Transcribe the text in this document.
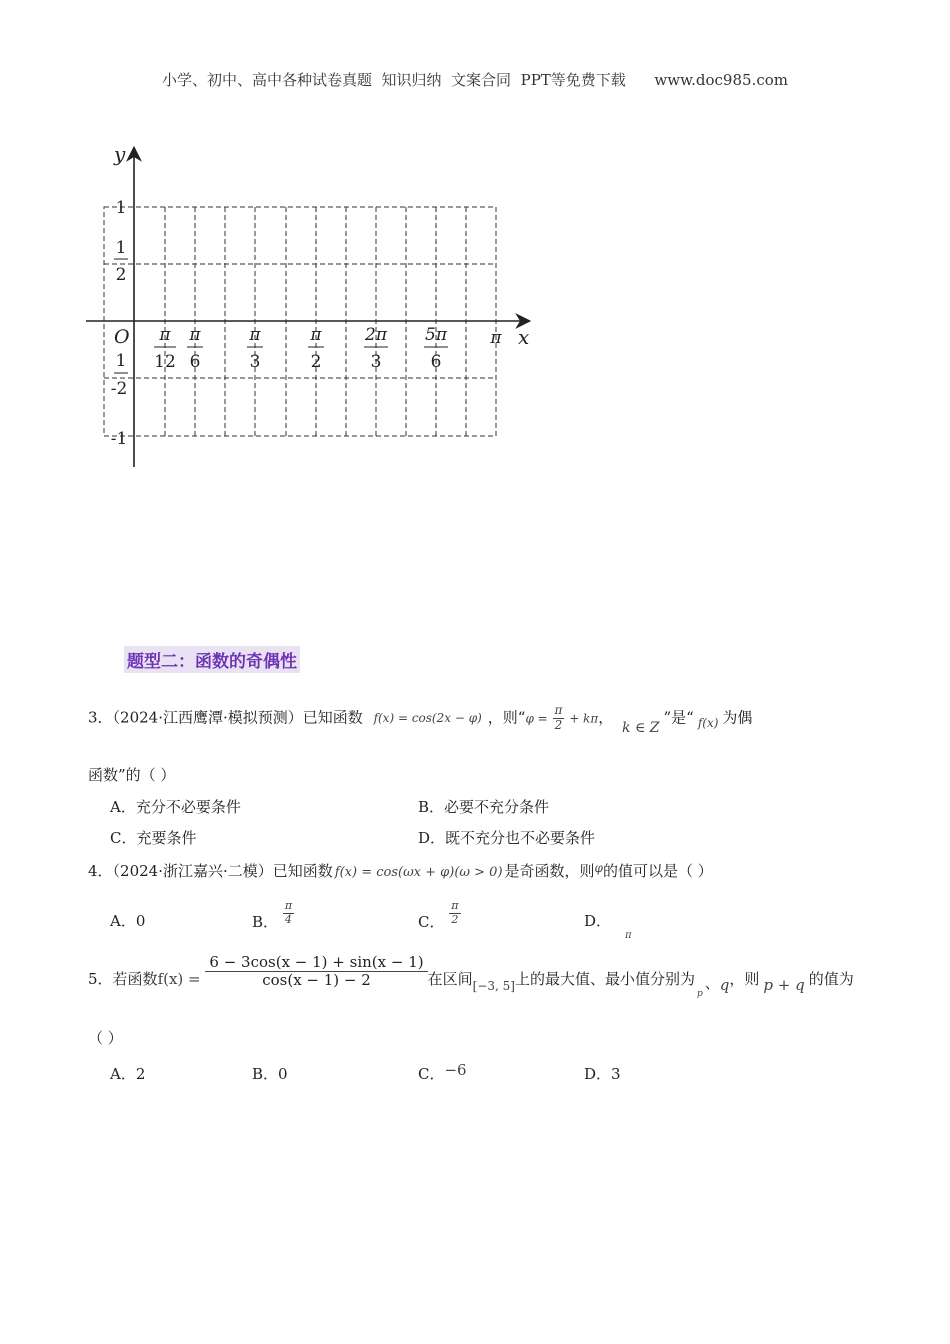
小学、初中、高中各种试卷真题  知识归纳  文案合同  PPT等免费下载      www.doc985.com
y
x
O
1
1
2
1
-2
-1
π
12
π
6
π
3
π
2
2π
3
5π
6
π
题型二：函数的奇偶性
3．（2024·江西鹰潭·模拟预测）已知函数 f(x) = cos(2x − φ) ，则“$\varphi = \frac{\pi}{2} + k\pi$， k ∈ Z”是“ $_{f(x)}$ 为偶
函数”的（ ）
A．充分不必要条件	B．必要不充分条件
C．充要条件	D．既不充分也不必要条件
4．（2024·浙江嘉兴·二模）已知函数 f(x) = cos(ωx + φ)(ω > 0) 是奇函数，则$^\varphi$的值可以是（ ）
A．0	B． $\frac{\pi}{4}$	C． $\frac{\pi}{2}$	D．$_\pi$
5．若函数$f(x) = \frac{6 - 3\cos(x - 1) + \sin(x - 1)}{\cos(x - 1) - 2}$ 在区间$_{[-3, 5]}$上的最大值、最小值分别为$_p$、q，则 p + q 的值为
（ ）
A．2	B．0	C．−6	D．3
